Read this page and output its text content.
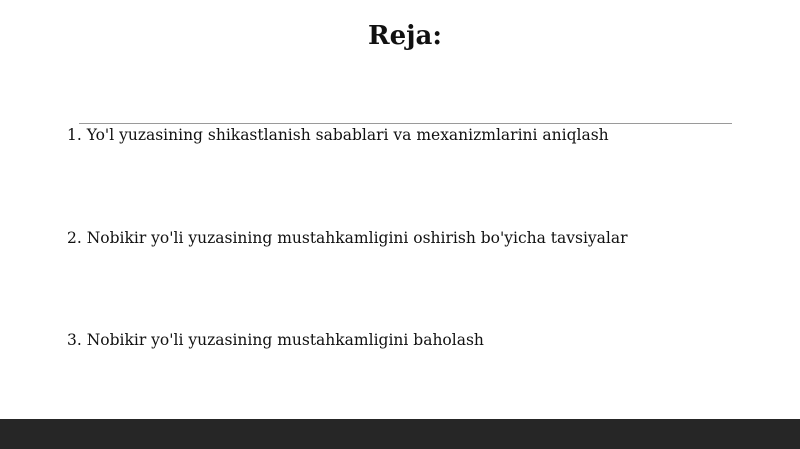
Reja:
1. Yo'l yuzasining shikastlanish sabablari va mexanizmlarini aniqlash
2. Nobikir yo'li yuzasining mustahkamligini oshirish bo'yicha tavsiyalar
3. Nobikir yo'li yuzasining mustahkamligini baholash
